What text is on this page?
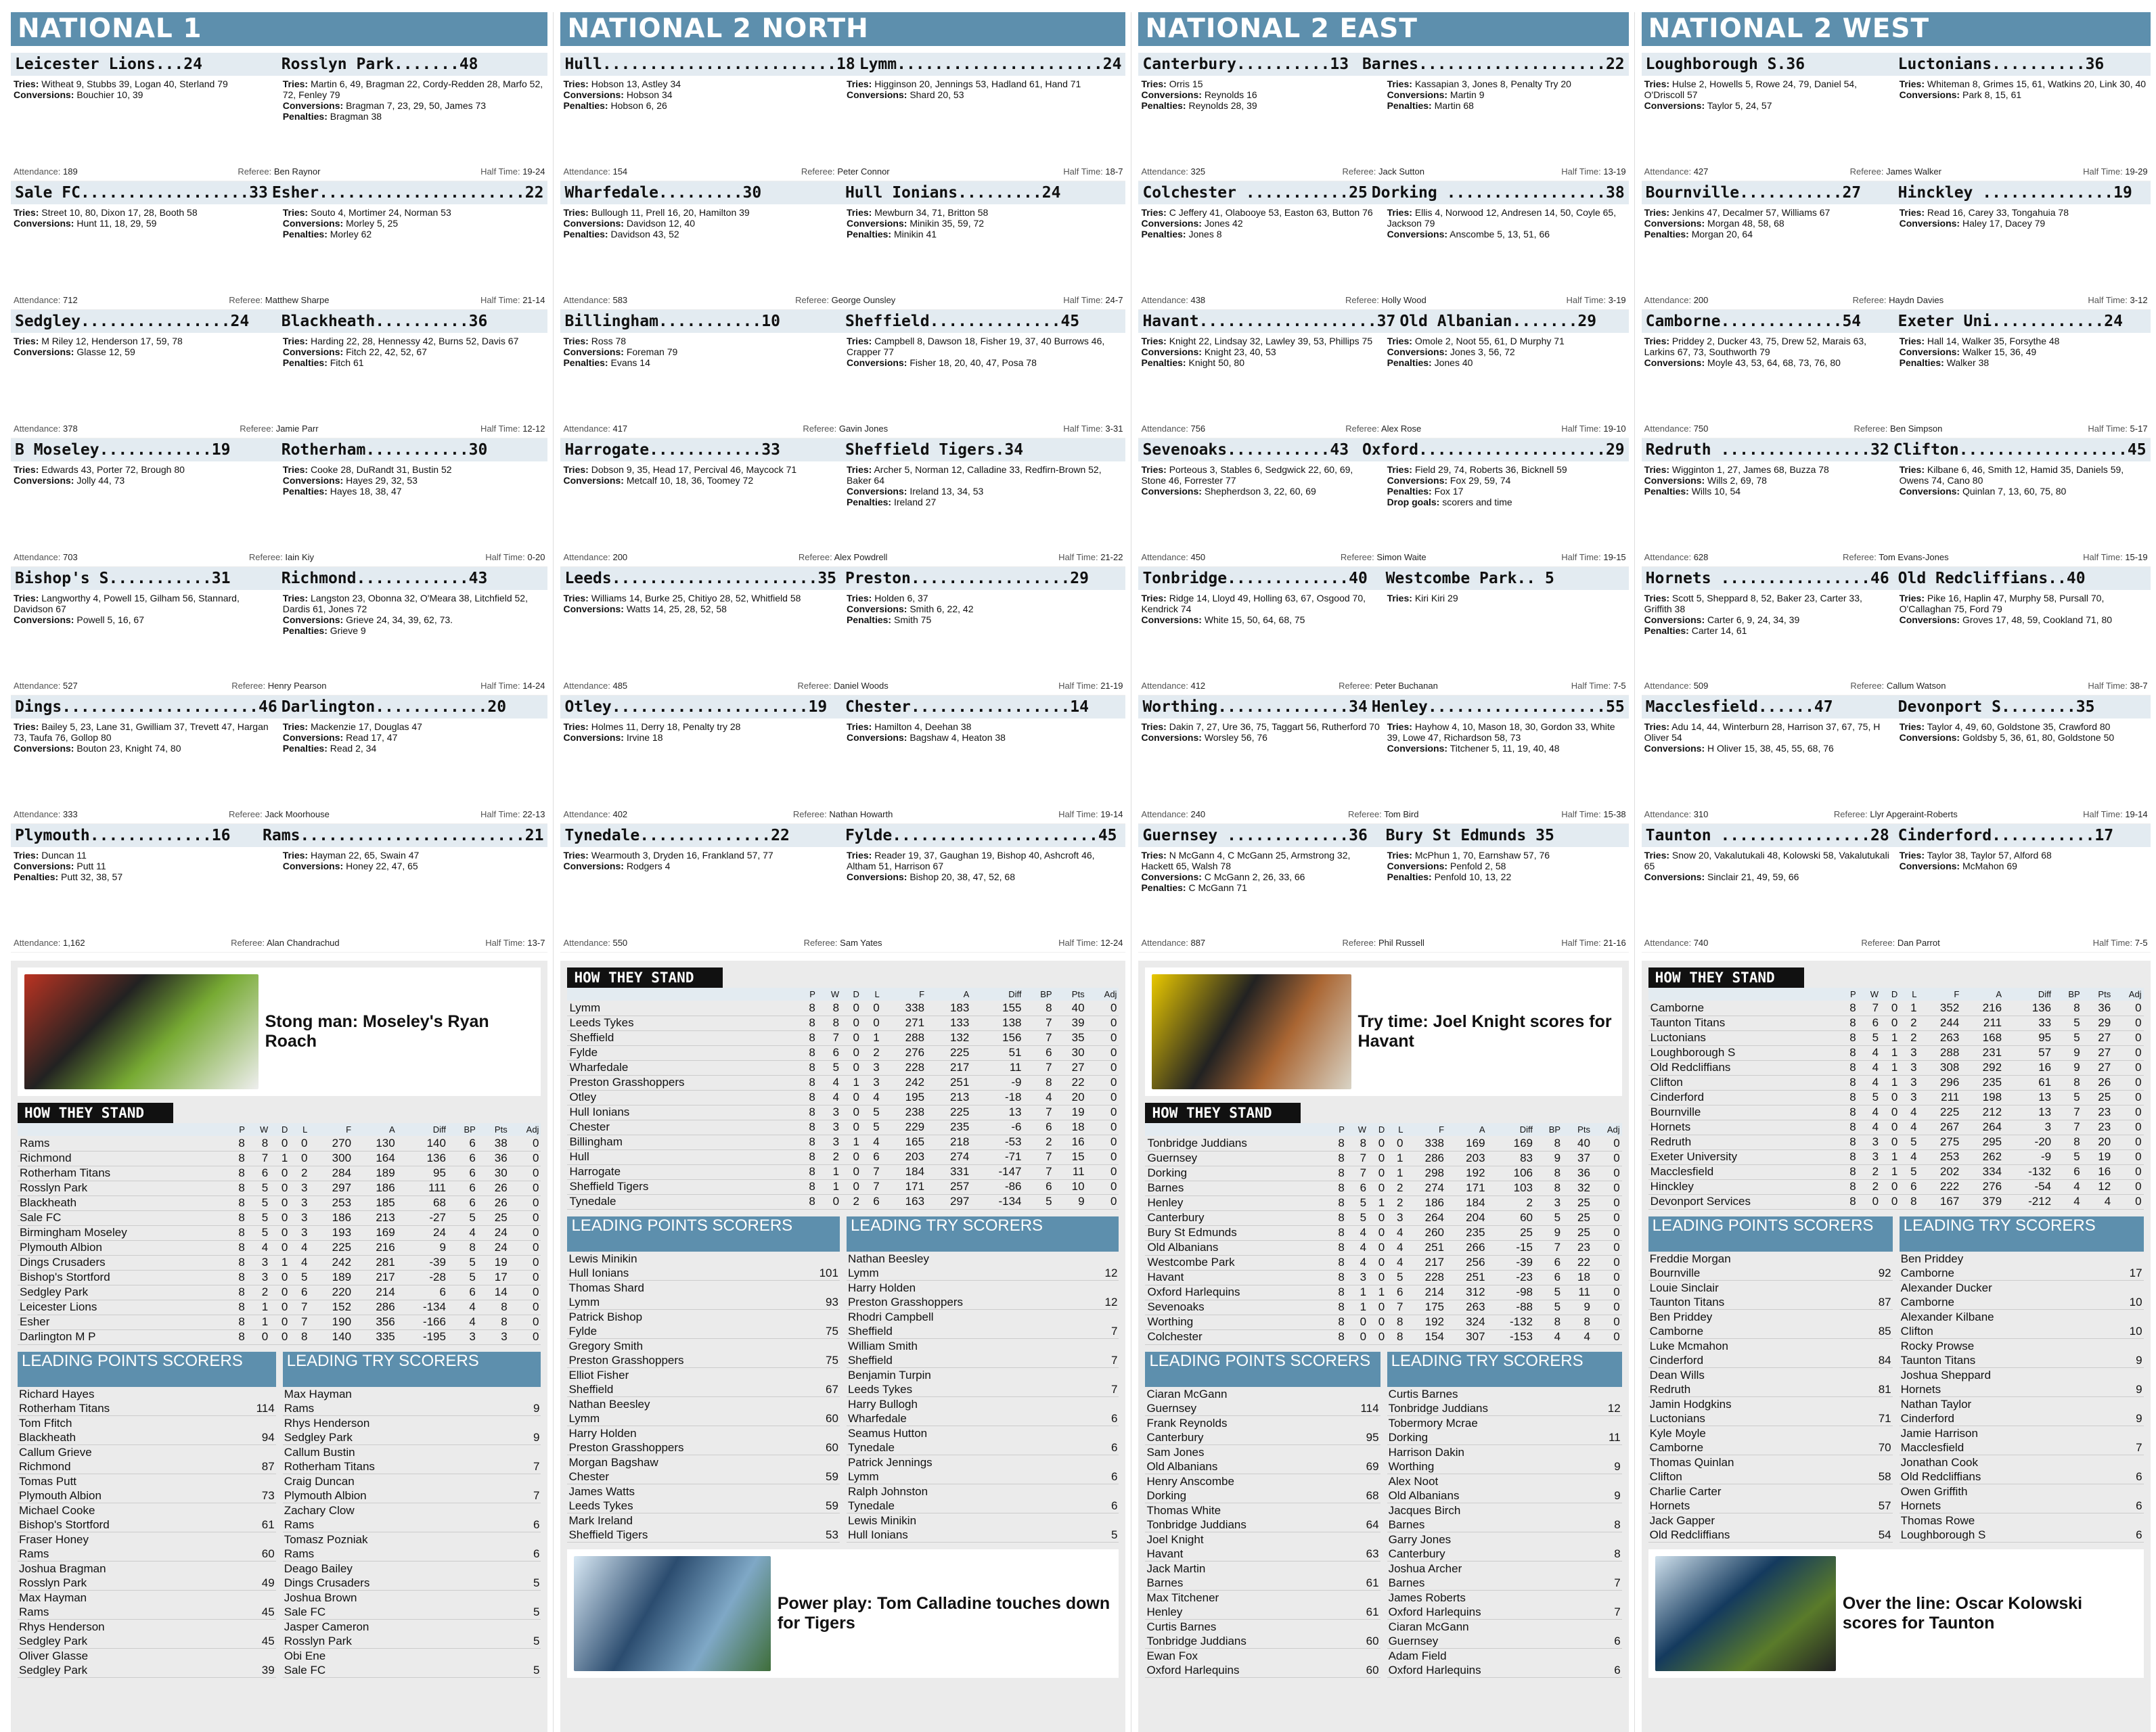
NATIONAL 1
Leicester Lions...24	Rosslyn Park.......48
Tries: Witheat 9, Stubbs 39, Logan 40, Sterland 79
Conversions: Bouchier 10, 39
Tries: Martin 6, 49, Bragman 22, Cordy-Redden 28, Marfo 52, 72, Fenley 79
Conversions: Bragman 7, 23, 29, 50, James 73
Penalties: Bragman 38
Attendance: 189	Referee: Ben Raynor	Half Time: 19-24
Sale FC..................33 Esher......................22
Tries: Street 10, 80, Dixon 17, 28, Booth 58
Conversions: Hunt 11, 18, 29, 59
Tries: Souto 4, Mortimer 24, Norman 53
Conversions: Morley 5, 25
Penalties: Morley 62
Attendance: 712	Referee: Matthew Sharpe	Half Time: 21-14
Sedgley................24	Blackheath..........36
Tries: M Riley 12, Henderson 17, 59, 78
Conversions: Glasse 12, 59
Tries: Harding 22, 28, Hennessy 42, Burns 52, Davis 67
Conversions: Fitch 22, 42, 52, 67
Penalties: Fitch 61
Attendance: 378	Referee: Jamie Parr	Half Time: 12-12
B Moseley............19	Rotherham...........30
Tries: Edwards 43, Porter 72, Brough 80
Conversions: Jolly 44, 73
Tries: Cooke 28, DuRandt 31, Bustin 52
Conversions: Hayes 29, 32, 53
Penalties: Hayes 18, 38, 47
Attendance: 703	Referee: Iain Kiy	Half Time: 0-20
Bishop's S...........31	Richmond............43
Tries: Langworthy 4, Powell 15, Gilham 56, Stannard, Davidson 67
Conversions: Powell 5, 16, 67
Tries: Langston 23, Obonna 32, O'Meara 38, Litchfield 52, Dardis 61, Jones 72
Conversions: Grieve 24, 34, 39, 62, 73.
Penalties: Grieve 9
Attendance: 527	Referee: Henry Pearson	Half Time: 14-24
Dings.....................46 Darlington............20
Tries: Bailey 5, 23, Lane 31, Gwilliam 37, Trevett 47, Hargan 73, Taufa 76, Gollop 80
Conversions: Bouton 23, Knight 74, 80
Tries: Mackenzie 17, Douglas 47
Conversions: Read 17, 47
Penalties: Read 2, 34
Attendance: 333	Referee: Jack Moorhouse	Half Time: 22-13
Plymouth.............16	Rams........................21
Tries: Duncan 11
Conversions: Putt 11
Penalties: Putt 32, 38, 57
Tries: Hayman 22, 65, Swain 47
Conversions: Honey 22, 47, 65
Attendance: 1,162	Referee: Alan Chandrachud	Half Time: 13-7
Stong man: Moseley's Ryan Roach
HOW THEY STAND
	P	W	D	L	F	A	Diff	BP	Pts	Adj
Rams	8	8	0	0	270	130	140	6	38	0
Richmond	8	7	1	0	300	164	136	6	36	0
Rotherham Titans	8	6	0	2	284	189	95	6	30	0
Rosslyn Park	8	5	0	3	297	186	111	6	26	0
Blackheath	8	5	0	3	253	185	68	6	26	0
Sale FC	8	5	0	3	186	213	-27	5	25	0
Birmingham Moseley	8	5	0	3	193	169	24	4	24	0
Plymouth Albion	8	4	0	4	225	216	9	8	24	0
Dings Crusaders	8	3	1	4	242	281	-39	5	19	0
Bishop's Stortford	8	3	0	5	189	217	-28	5	17	0
Sedgley Park	8	2	0	6	220	214	6	6	14	0
Leicester Lions	8	1	0	7	152	286	-134	4	8	0
Esher	8	1	0	7	190	356	-166	4	8	0
Darlington M P	8	0	0	8	140	335	-195	3	3	0
LEADING POINTS SCORERS
Richard Hayes
Rotherham Titans	114
Tom Ffitch
Blackheath	94
Callum Grieve
Richmond	87
Tomas Putt
Plymouth Albion	73
Michael Cooke
Bishop's Stortford	61
Fraser Honey
Rams	60
Joshua Bragman
Rosslyn Park	49
Max Hayman
Rams	45
Rhys Henderson
Sedgley Park	45
Oliver Glasse
Sedgley Park	39
LEADING TRY SCORERS
Max Hayman
Rams	9
Rhys Henderson
Sedgley Park	9
Callum Bustin
Rotherham Titans	7
Craig Duncan
Plymouth Albion	7
Zachary Clow
Rams	6
Tomasz Pozniak
Rams	6
Deago Bailey
Dings Crusaders	5
Joshua Brown
Sale FC	5
Jasper Cameron
Rosslyn Park	5
Obi Ene
Sale FC	5
NATIONAL 2 NORTH
Hull.........................18 Lymm......................24
Tries: Hobson 13, Astley 34
Conversions: Hobson 34
Penalties: Hobson 6, 26
Tries: Higginson 20, Jennings 53, Hadland 61, Hand 71
Conversions: Shard 20, 53
Attendance: 154	Referee: Peter Connor	Half Time: 18-7
Wharfedale.........30	Hull Ionians.........24
Tries: Bullough 11, Prell 16, 20, Hamilton 39
Conversions: Davidson 12, 40
Penalties: Davidson 43, 52
Tries: Mewburn 34, 71, Britton 58
Conversions: Minikin 35, 59, 72
Penalties: Minikin 41
Attendance: 583	Referee: George Ounsley	Half Time: 24-7
Billingham...........10	Sheffield..............45
Tries: Ross 78
Conversions: Foreman 79
Penalties: Evans 14
Tries: Campbell 8, Dawson 18, Fisher 19, 37, 40 Burrows 46, Crapper 77
Conversions: Fisher 18, 20, 40, 47, Posa 78
Attendance: 417	Referee: Gavin Jones	Half Time: 3-31
Harrogate............33	Sheffield Tigers.34
Tries: Dobson 9, 35, Head 17, Percival 46, Maycock 71
Conversions: Metcalf 10, 18, 36, Toomey 72
Tries: Archer 5, Norman 12, Calladine 33, Redfirn-Brown 52, Baker 64
Conversions: Ireland 13, 34, 53
Penalties: Ireland 27
Attendance: 200	Referee: Alex Powdrell	Half Time: 21-22
Leeds......................35 Preston.................29
Tries: Williams 14, Burke 25, Chitiyo 28, 52, Whitfield 58
Conversions: Watts 14, 25, 28, 52, 58
Tries: Holden 6, 37
Conversions: Smith 6, 22, 42
Penalties: Smith 75
Attendance: 485	Referee: Daniel Woods	Half Time: 21-19
Otley.....................19	Chester.................14
Tries: Holmes 11, Derry 18, Penalty try 28
Conversions: Irvine 18
Tries: Hamilton 4, Deehan 38
Conversions: Bagshaw 4, Heaton 38
Attendance: 402	Referee: Nathan Howarth	Half Time: 19-14
Tynedale..............22	Fylde......................45
Tries: Wearmouth 3, Dryden 16, Frankland 57, 77
Conversions: Rodgers 4
Tries: Reader 19, 37, Gaughan 19, Bishop 40, Ashcroft 46, Altham 51, Harrison 67
Conversions: Bishop 20, 38, 47, 52, 68
Attendance: 550	Referee: Sam Yates	Half Time: 12-24
HOW THEY STAND
	P	W	D	L	F	A	Diff	BP	Pts	Adj
Lymm	8	8	0	0	338	183	155	8	40	0
Leeds Tykes	8	8	0	0	271	133	138	7	39	0
Sheffield	8	7	0	1	288	132	156	7	35	0
Fylde	8	6	0	2	276	225	51	6	30	0
Wharfedale	8	5	0	3	228	217	11	7	27	0
Preston Grasshoppers	8	4	1	3	242	251	-9	8	22	0
Otley	8	4	0	4	195	213	-18	4	20	0
Hull Ionians	8	3	0	5	238	225	13	7	19	0
Chester	8	3	0	5	229	235	-6	6	18	0
Billingham	8	3	1	4	165	218	-53	2	16	0
Hull	8	2	0	6	203	274	-71	7	15	0
Harrogate	8	1	0	7	184	331	-147	7	11	0
Sheffield Tigers	8	1	0	7	171	257	-86	6	10	0
Tynedale	8	0	2	6	163	297	-134	5	9	0
LEADING POINTS SCORERS
Lewis Minikin
Hull Ionians	101
Thomas Shard
Lymm	93
Patrick Bishop
Fylde	75
Gregory Smith
Preston Grasshoppers	75
Elliot Fisher
Sheffield	67
Nathan Beesley
Lymm	60
Harry Holden
Preston Grasshoppers	60
Morgan Bagshaw
Chester	59
James Watts
Leeds Tykes	59
Mark Ireland
Sheffield Tigers	53
LEADING TRY SCORERS
Nathan Beesley
Lymm	12
Harry Holden
Preston Grasshoppers	12
Rhodri Campbell
Sheffield	7
William Smith
Sheffield	7
Benjamin Turpin
Leeds Tykes	7
Harry Bullogh
Wharfedale	6
Seamus Hutton
Tynedale	6
Patrick Jennings
Lymm	6
Ralph Johnston
Tynedale	6
Lewis Minikin
Hull Ionians	5
Power play: Tom Calladine touches down for Tigers
NATIONAL 2 EAST
Canterbury..........13 Barnes....................22
Tries: Orris 15
Conversions: Reynolds 16
Penalties: Reynolds 28, 39
Tries: Kassapian 3, Jones 8, Penalty Try 20
Conversions: Martin 9
Penalties: Martin 68
Attendance: 325	Referee: Jack Sutton	Half Time: 13-19
Colchester ...........25 Dorking .................38
Tries: C Jeffery 41, Olabooye 53, Easton 63, Button 76
Conversions: Jones 42
Penalties: Jones 8
Tries: Ellis 4, Norwood 12, Andresen 14, 50, Coyle 65, Jackson 79
Conversions: Anscombe 5, 13, 51, 66
Attendance: 438	Referee: Holly Wood	Half Time: 3-19
Havant...................37 Old Albanian.......29
Tries: Knight 22, Lindsay 32, Lawley 39, 53, Phillips 75
Conversions: Knight 23, 40, 53
Penalties: Knight 50, 80
Tries: Omole 2, Noot 55, 61, D Murphy 71
Conversions: Jones 3, 56, 72
Penalties: Jones 40
Attendance: 756	Referee: Alex Rose	Half Time: 19-10
Sevenoaks...........43 Oxford....................29
Tries: Porteous 3, Stables 6, Sedgwick 22, 60, 69, Stone 46, Forrester 77
Conversions: Shepherdson 3, 22, 60, 69
Tries: Field 29, 74, Roberts 36, Bicknell 59
Conversions: Fox 29, 59, 74
Penalties: Fox 17
Drop goals: scorers and time
Attendance: 450	Referee: Simon Waite	Half Time: 19-15
Tonbridge.............40	Westcombe Park.. 5
Tries: Ridge 14, Lloyd 49, Holling 63, 67, Osgood 70, Kendrick 74
Conversions: White 15, 50, 64, 68, 75
Tries: Kiri Kiri 29
Attendance: 412	Referee: Peter Buchanan	Half Time: 7-5
Worthing..............34 Henley...................55
Tries: Dakin 7, 27, Ure 36, 75, Taggart 56, Rutherford 70
Conversions: Worsley 56, 76
Tries: Hayhow 4, 10, Mason 18, 30, Gordon 33, White 39, Lowe 47, Richardson 58, 73
Conversions: Titchener 5, 11, 19, 40, 48
Attendance: 240	Referee: Tom Bird	Half Time: 15-38
Guernsey .............36	Bury St Edmunds 35
Tries: N McGann 4, C McGann 25, Armstrong 32, Hackett 65, Walsh 78
Conversions: C McGann 2, 26, 33, 66
Penalties: C McGann 71
Tries: McPhun 1, 70, Earnshaw 57, 76
Conversions: Penfold 2, 58
Penalties: Penfold 10, 13, 22
Attendance: 887	Referee: Phil Russell	Half Time: 21-16
Try time: Joel Knight scores for Havant
HOW THEY STAND
	P	W	D	L	F	A	Diff	BP	Pts	Adj
Tonbridge Juddians	8	8	0	0	338	169	169	8	40	0
Guernsey	8	7	0	1	286	203	83	9	37	0
Dorking	8	7	0	1	298	192	106	8	36	0
Barnes	8	6	0	2	274	171	103	8	32	0
Henley	8	5	1	2	186	184	2	3	25	0
Canterbury	8	5	0	3	264	204	60	5	25	0
Bury St Edmunds	8	4	0	4	260	235	25	9	25	0
Old Albanians	8	4	0	4	251	266	-15	7	23	0
Westcombe Park	8	4	0	4	217	256	-39	6	22	0
Havant	8	3	0	5	228	251	-23	6	18	0
Oxford Harlequins	8	1	1	6	214	312	-98	5	11	0
Sevenoaks	8	1	0	7	175	263	-88	5	9	0
Worthing	8	0	0	8	192	324	-132	8	8	0
Colchester	8	0	0	8	154	307	-153	4	4	0
LEADING POINTS SCORERS
Ciaran McGann
Guernsey	114
Frank Reynolds
Canterbury	95
Sam Jones
Old Albanians	69
Henry Anscombe
Dorking	68
Thomas White
Tonbridge Juddians	64
Joel Knight
Havant	63
Jack Martin
Barnes	61
Max Titchener
Henley	61
Curtis Barnes
Tonbridge Juddians	60
Ewan Fox
Oxford Harlequins	60
LEADING TRY SCORERS
Curtis Barnes
Tonbridge Juddians	12
Tobermory Mcrae
Dorking	11
Harrison Dakin
Worthing	9
Alex Noot
Old Albanians	9
Jacques Birch
Barnes	8
Garry Jones
Canterbury	8
Joshua Archer
Barnes	7
James Roberts
Oxford Harlequins	7
Ciaran McGann
Guernsey	6
Adam Field
Oxford Harlequins	6
NATIONAL 2 WEST
Loughborough S.36	Luctonians..........36
Tries: Hulse 2, Howells 5, Rowe 24, 79, Daniel 54, O'Driscoll 57
Conversions: Taylor 5, 24, 57
Tries: Whiteman 8, Grimes 15, 61, Watkins 20, Link 30, 40
Conversions: Park 8, 15, 61
Attendance: 427	Referee: James Walker	Half Time: 19-29
Bournville...........27	Hinckley ..............19
Tries: Jenkins 47, Decalmer 57, Williams 67
Conversions: Morgan 48, 58, 68
Penalties: Morgan 20, 64
Tries: Read 16, Carey 33, Tongahuia 78
Conversions: Haley 17, Dacey 79
Attendance: 200	Referee: Haydn Davies	Half Time: 3-12
Camborne.............54	Exeter Uni............24
Tries: Priddey 2, Ducker 43, 75, Drew 52, Marais 63, Larkins 67, 73, Southworth 79
Conversions: Moyle 43, 53, 64, 68, 73, 76, 80
Tries: Hall 14, Walker 35, Forsythe 48
Conversions: Walker 15, 36, 49
Penalties: Walker 38
Attendance: 750	Referee: Ben Simpson	Half Time: 5-17
Redruth ................32 Clifton..................45
Tries: Wigginton 1, 27, James 68, Buzza 78
Conversions: Wills 2, 69, 78
Penalties: Wills 10, 54
Tries: Kilbane 6, 46, Smith 12, Hamid 35, Daniels 59, Owens 74, Cano 80
Conversions: Quinlan 7, 13, 60, 75, 80
Attendance: 628	Referee: Tom Evans-Jones	Half Time: 15-19
Hornets ................46 Old Redcliffians..40
Tries: Scott 5, Sheppard 8, 52, Baker 23, Carter 33, Griffith 38
Conversions: Carter 6, 9, 24, 34, 39
Penalties: Carter 14, 61
Tries: Pike 16, Haplin 47, Murphy 58, Pursall 70, O'Callaghan 75, Ford 79
Conversions: Groves 17, 48, 59, Cookland 71, 80
Attendance: 509	Referee: Callum Watson	Half Time: 38-7
Macclesfield......47	Devonport S........35
Tries: Adu 14, 44, Winterburn 28, Harrison 37, 67, 75, H Oliver 54
Conversions: H Oliver 15, 38, 45, 55, 68, 76
Tries: Taylor 4, 49, 60, Goldstone 35, Crawford 80
Conversions: Goldsby 5, 36, 61, 80, Goldstone 50
Attendance: 310	Referee: Llyr Apgeraint-Roberts	Half Time: 19-14
Taunton ................28 Cinderford...........17
Tries: Snow 20, Vakalutukali 48, Kolowski 58, Vakalutukali 65
Conversions: Sinclair 21, 49, 59, 66
Tries: Taylor 38, Taylor 57, Alford 68
Conversions: McMahon 69
Attendance: 740	Referee: Dan Parrot	Half Time: 7-5
HOW THEY STAND
	P	W	D	L	F	A	Diff	BP	Pts	Adj
Camborne	8	7	0	1	352	216	136	8	36	0
Taunton Titans	8	6	0	2	244	211	33	5	29	0
Luctonians	8	5	1	2	263	168	95	5	27	0
Loughborough S	8	4	1	3	288	231	57	9	27	0
Old Redcliffians	8	4	1	3	308	292	16	9	27	0
Clifton	8	4	1	3	296	235	61	8	26	0
Cinderford	8	5	0	3	211	198	13	5	25	0
Bournville	8	4	0	4	225	212	13	7	23	0
Hornets	8	4	0	4	267	264	3	7	23	0
Redruth	8	3	0	5	275	295	-20	8	20	0
Exeter University	8	3	1	4	253	262	-9	5	19	0
Macclesfield	8	2	1	5	202	334	-132	6	16	0
Hinckley	8	2	0	6	222	276	-54	4	12	0
Devonport Services	8	0	0	8	167	379	-212	4	4	0
LEADING POINTS SCORERS
Freddie Morgan
Bournville	92
Louie Sinclair
Taunton Titans	87
Ben Priddey
Camborne	85
Luke Mcmahon
Cinderford	84
Dean Wills
Redruth	81
Jamin Hodgkins
Luctonians	71
Kyle Moyle
Camborne	70
Thomas Quinlan
Clifton	58
Charlie Carter
Hornets	57
Jack Gapper
Old Redcliffians	54
LEADING TRY SCORERS
Ben Priddey
Camborne	17
Alexander Ducker
Camborne	10
Alexander Kilbane
Clifton	10
Rocky Prowse
Taunton Titans	9
Joshua Sheppard
Hornets	9
Nathan Taylor
Cinderford	9
Jamie Harrison
Macclesfield	7
Jonathan Cook
Old Redcliffians	6
Owen Griffith
Hornets	6
Thomas Rowe
Loughborough S	6
Over the line: Oscar Kolowski scores for Taunton
